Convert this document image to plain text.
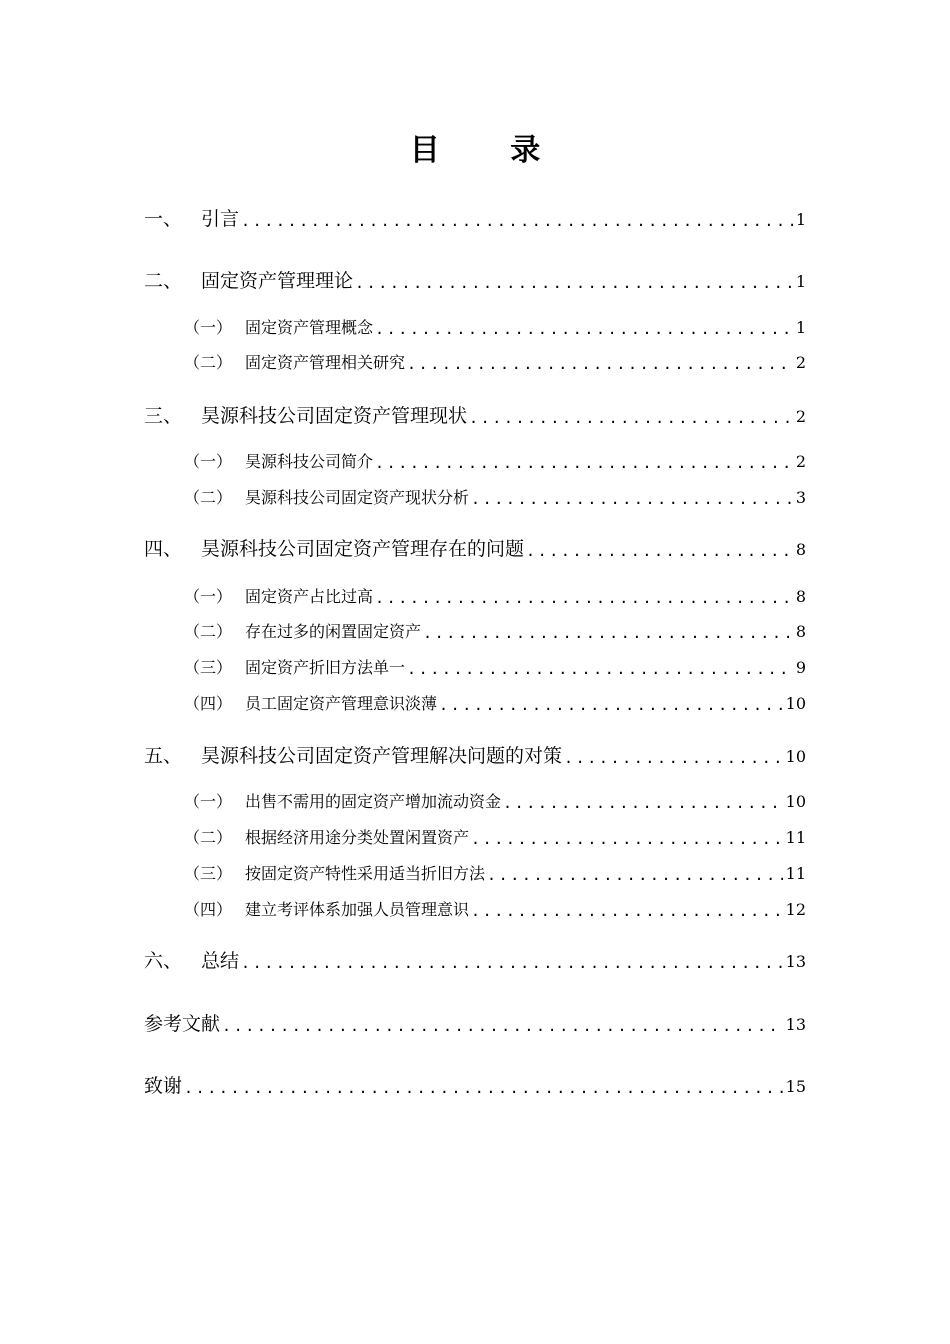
目 录
一、 引言 .....	1
二、 固定资产管理理论 .....	1
（一） 固定资产管理概念 .....	1
（二） 固定资产管理相关研究 .....	2
三、 昊源科技公司固定资产管理现状 .....	2
（一） 昊源科技公司简介 .....	2
（二） 昊源科技公司固定资产现状分析 .....	3
四、 昊源科技公司固定资产管理存在的问题 .....	8
（一） 固定资产占比过高 .....	8
（二） 存在过多的闲置固定资产 .....	8
（三） 固定资产折旧方法单一 .....	9
（四） 员工固定资产管理意识淡薄 .....	10
五、 昊源科技公司固定资产管理解决问题的对策 .....	10
（一） 出售不需用的固定资产增加流动资金 .....	10
（二） 根据经济用途分类处置闲置资产 .....	11
（三） 按固定资产特性采用适当折旧方法 .....	11
（四） 建立考评体系加强人员管理意识 .....	12
六、 总结 .....	13
参考文献 .....	13
致谢 .....	15
